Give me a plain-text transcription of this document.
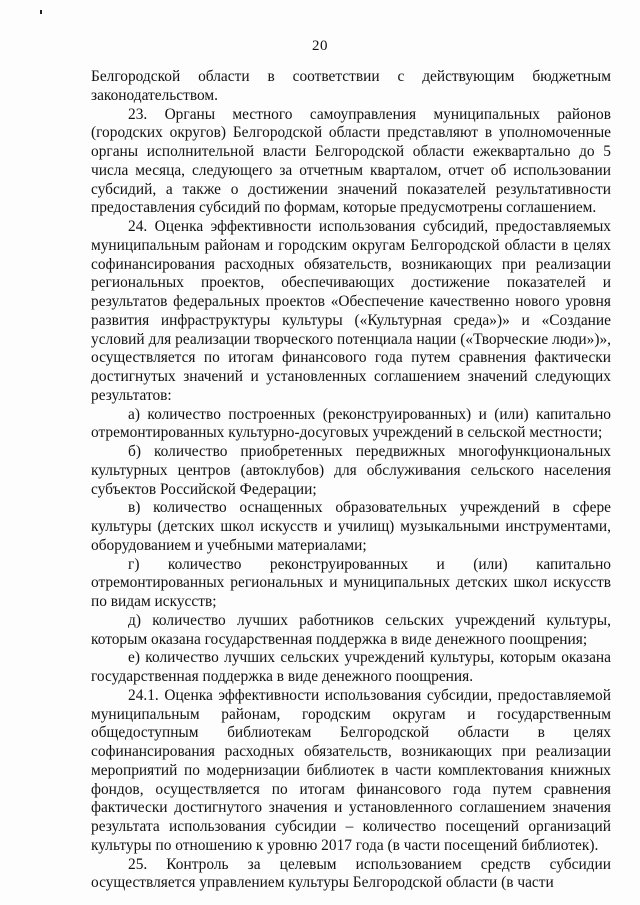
20

Белгородской области в соответствии с действующим бюджетным законодательством.

23. Органы местного самоуправления муниципальных районов (городских округов) Белгородской области представляют в уполномоченные органы исполнительной власти Белгородской области ежеквартально до 5 числа месяца, следующего за отчетным кварталом, отчет об использовании субсидий, а также о достижении значений показателей результативности предоставления субсидий по формам, которые предусмотрены соглашением.

24. Оценка эффективности использования субсидий, предоставляемых муниципальным районам и городским округам Белгородской области в целях софинансирования расходных обязательств, возникающих при реализации региональных проектов, обеспечивающих достижение показателей и результатов федеральных проектов «Обеспечение качественно нового уровня развития инфраструктуры культуры («Культурная среда»)» и «Создание условий для реализации творческого потенциала нации («Творческие люди»)», осуществляется по итогам финансового года путем сравнения фактически достигнутых значений и установленных соглашением значений следующих результатов:

а) количество построенных (реконструированных) и (или) капитально отремонтированных культурно-досуговых учреждений в сельской местности;

б) количество приобретенных передвижных многофункциональных культурных центров (автоклубов) для обслуживания сельского населения субъектов Российской Федерации;

в) количество оснащенных образовательных учреждений в сфере культуры (детских школ искусств и училищ) музыкальными инструментами, оборудованием и учебными материалами;

г) количество реконструированных и (или) капитально отремонтированных региональных и муниципальных детских школ искусств по видам искусств;

д) количество лучших работников сельских учреждений культуры, которым оказана государственная поддержка в виде денежного поощрения;

е) количество лучших сельских учреждений культуры, которым оказана государственная поддержка в виде денежного поощрения.

24.1. Оценка эффективности использования субсидии, предоставляемой муниципальным районам, городским округам и государственным общедоступным библиотекам Белгородской области в целях софинансирования расходных обязательств, возникающих при реализации мероприятий по модернизации библиотек в части комплектования книжных фондов, осуществляется по итогам финансового года путем сравнения фактически достигнутого значения и установленного соглашением значения результата использования субсидии – количество посещений организаций культуры по отношению к уровню 2017 года (в части посещений библиотек).

25. Контроль за целевым использованием средств субсидии осуществляется управлением культуры Белгородской области (в части
